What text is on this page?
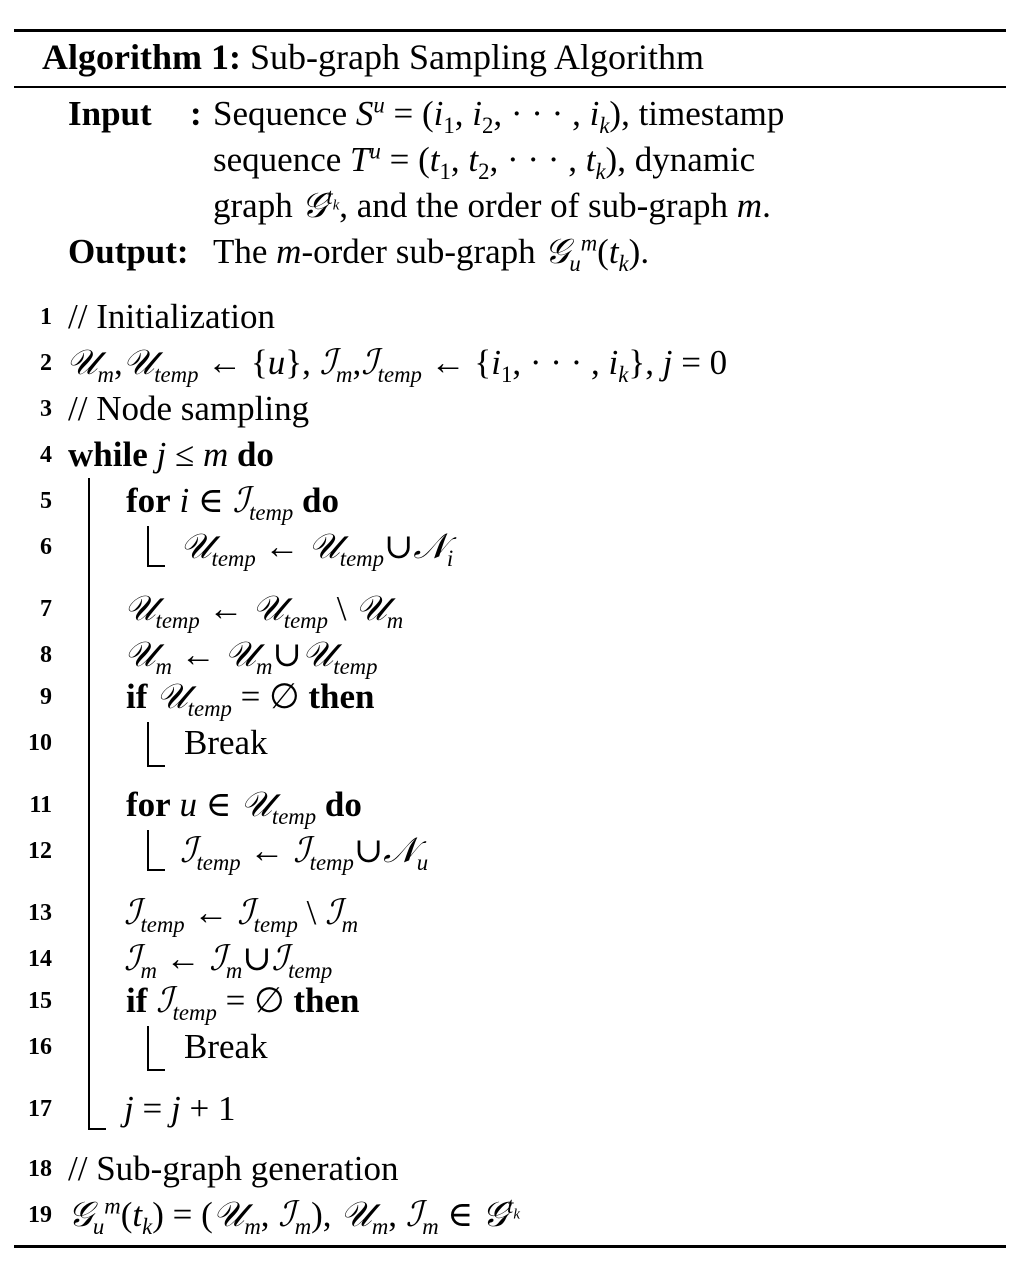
Algorithm 1: Sub-graph Sampling Algorithm
Input : Sequence $S^u = (i_1$, $i_2$, · · · , $i_k$), timestamp
sequence $T^u = (t_1$, $t_2$, · · · , $t_k$), dynamic
graph 𝒢$^{t_k}$, and the order of sub-graph m.
Output: The m-order sub-graph $𝒢_u^m(t_k)$.
1 // Initialization
2 𝒰$_m$,𝒰$_{temp}$ ← {u}, ℐ$_m$,ℐ$_{temp}$ ← {$i_1$, · · · , $i_k$}, j = 0
3 // Node sampling
4 while j ≤ m do
5 for i ∈ ℐ$_{temp}$ do
6	𝒰$_{temp}$ ← 𝒰$_{temp}$∪𝒩$_i$
7 𝒰$_{temp}$ ← 𝒰$_{temp}$ \ 𝒰$_m$
8 𝒰$_m$ ← 𝒰$_m$∪𝒰$_{temp}$
9 if 𝒰$_{temp}$ = ∅ then
10	Break
11 for u ∈ 𝒰$_{temp}$ do
12	ℐ$_{temp}$ ← ℐ$_{temp}$∪𝒩$_u$
13 ℐ$_{temp}$ ← ℐ$_{temp}$ \ ℐ$_m$
14 ℐ$_m$ ← ℐ$_m$∪ℐ$_{temp}$
15 if ℐ$_{temp}$ = ∅ then
16	Break
17 j = j + 1
18 // Sub-graph generation
19 $𝒢_u^m(t_k)$ = (𝒰$_m$, ℐ$_m$), 𝒰$_m$, ℐ$_m$ ∈ 𝒢$^{t_k}$
